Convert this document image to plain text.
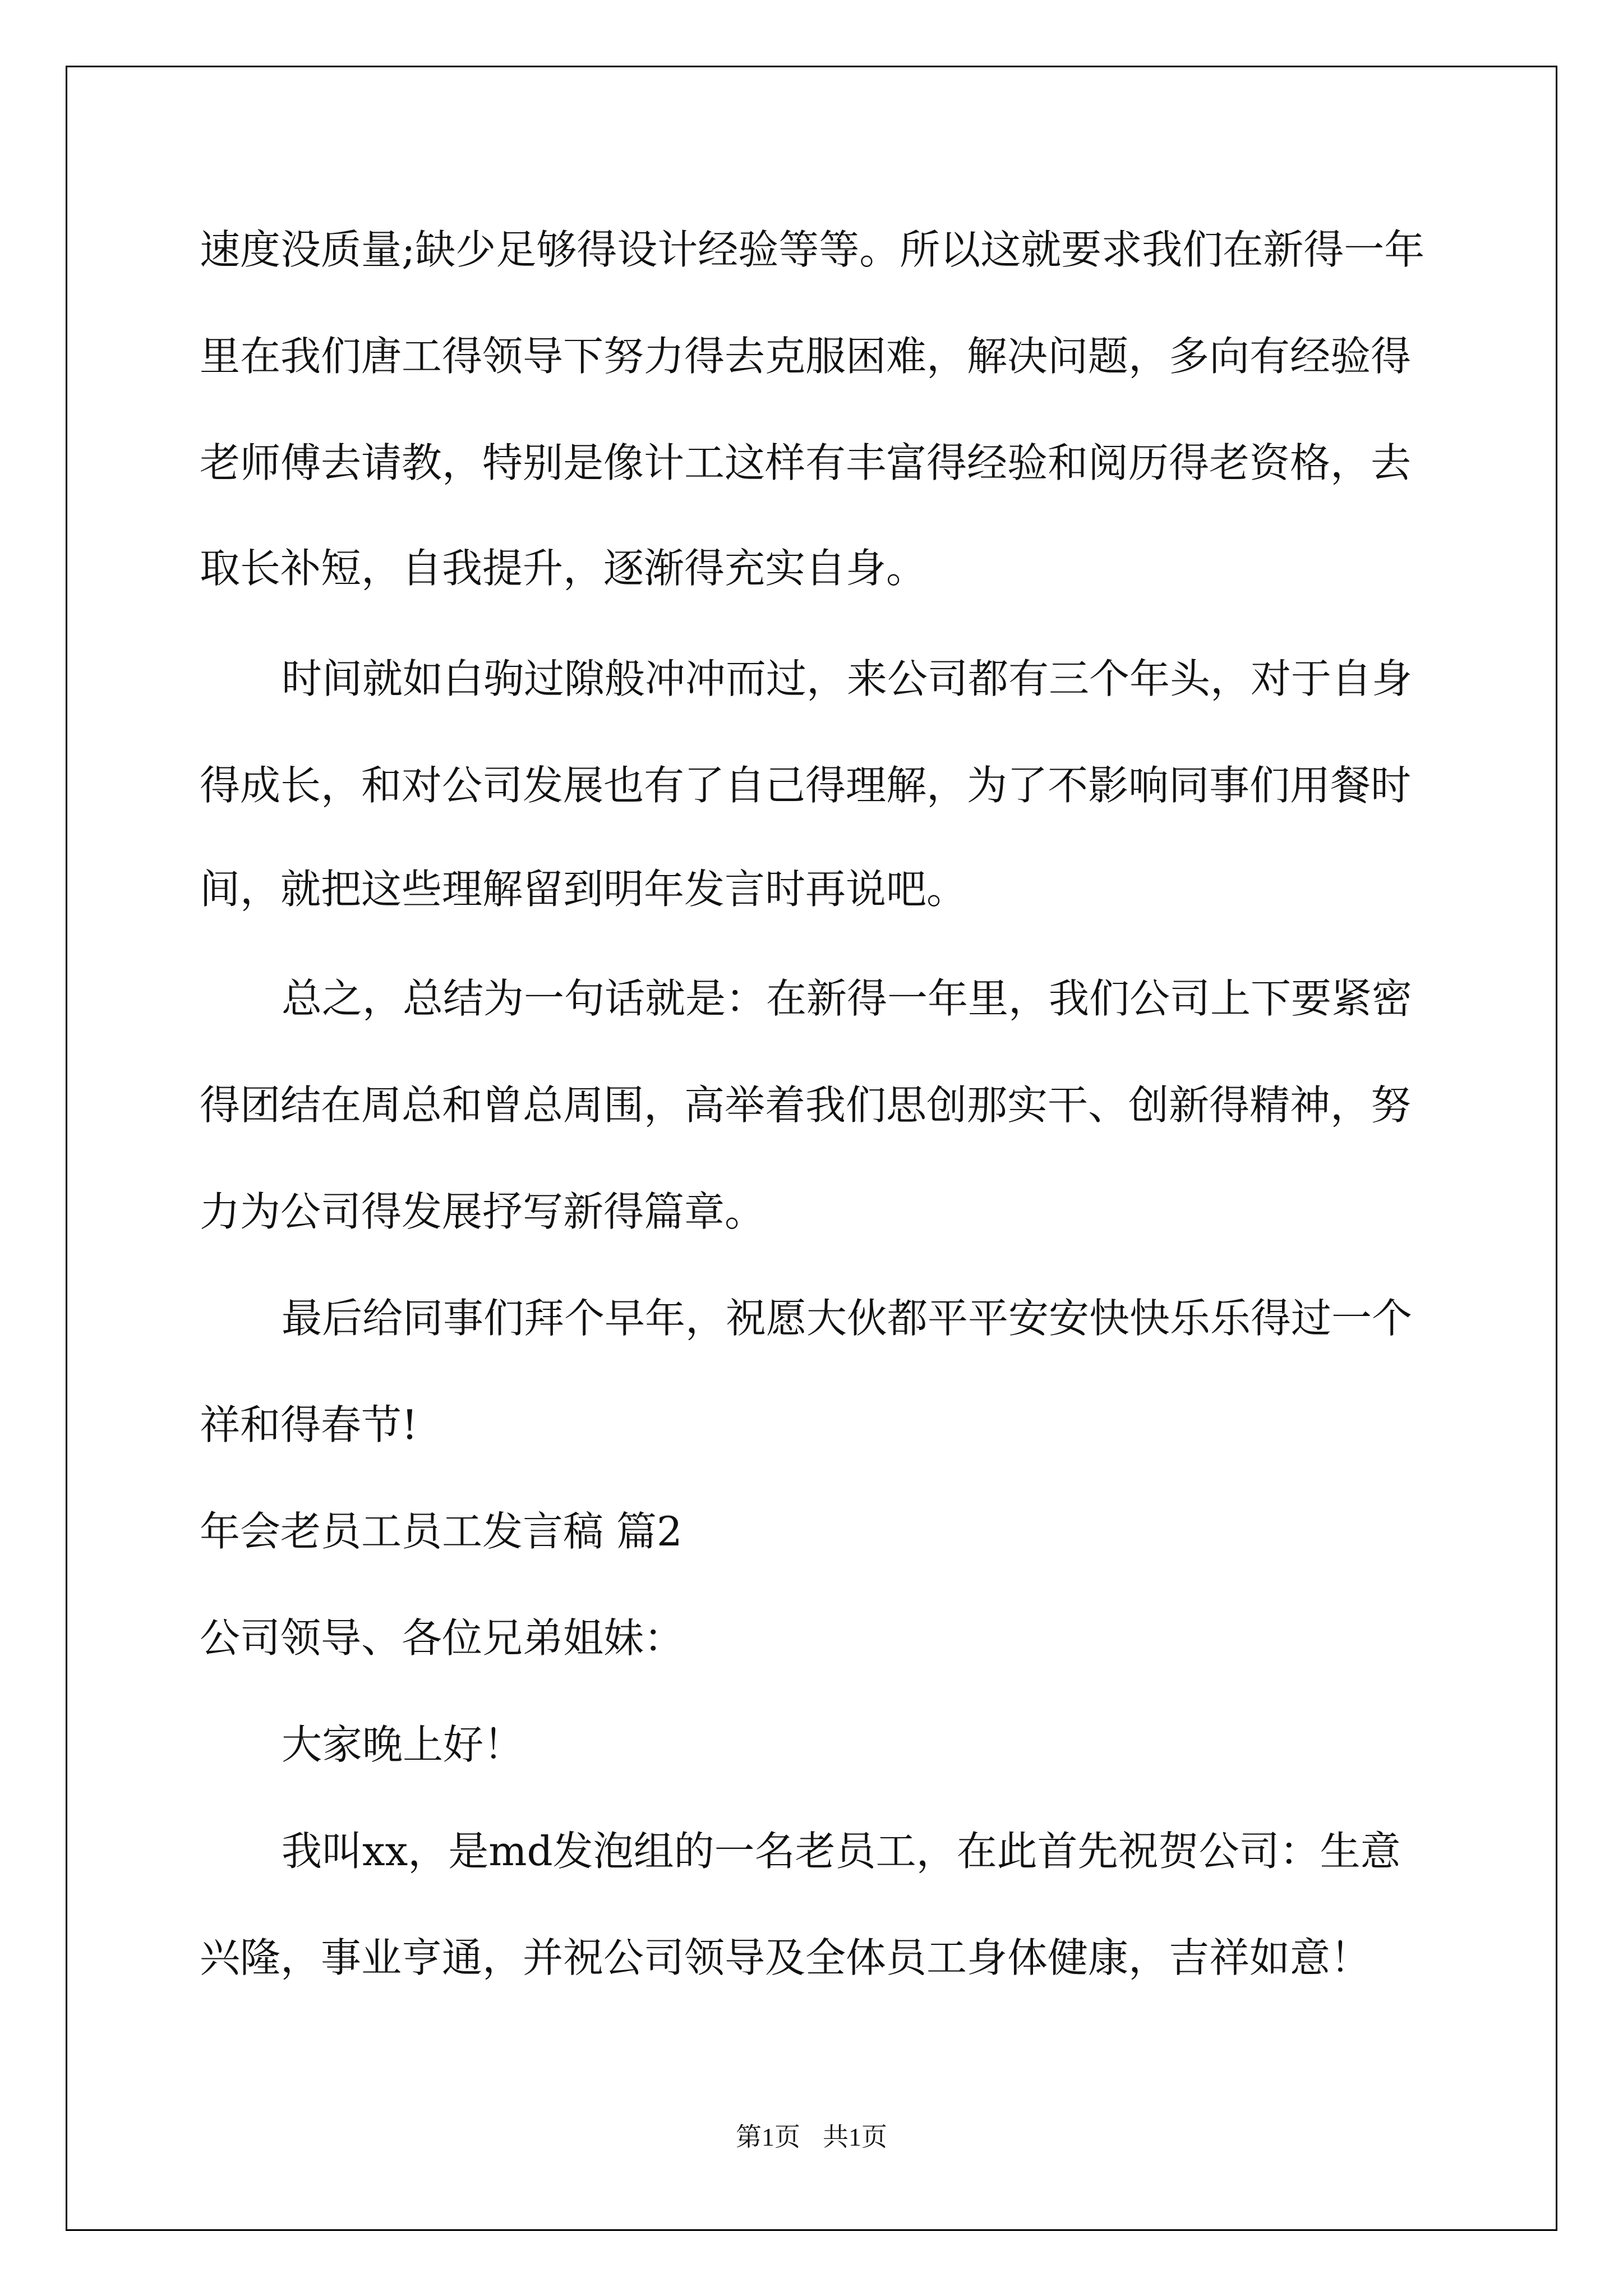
速度没质量;缺少足够得设计经验等等。所以这就要求我们在新得一年

里在我们唐工得领导下努力得去克服困难，解决问题，多向有经验得

老师傅去请教，特别是像计工这样有丰富得经验和阅历得老资格，去

取长补短，自我提升，逐渐得充实自身。

时间就如白驹过隙般冲冲而过，来公司都有三个年头，对于自身

得成长，和对公司发展也有了自己得理解，为了不影响同事们用餐时

间，就把这些理解留到明年发言时再说吧。

总之，总结为一句话就是：在新得一年里，我们公司上下要紧密

得团结在周总和曾总周围，高举着我们思创那实干、创新得精神，努

力为公司得发展抒写新得篇章。

最后给同事们拜个早年，祝愿大伙都平平安安快快乐乐得过一个

祥和得春节!

年会老员工员工发言稿 篇2

公司领导、各位兄弟姐妹：

大家晚上好！

我叫xx，是md发泡组的一名老员工，在此首先祝贺公司：生意

兴隆，事业亨通，并祝公司领导及全体员工身体健康，吉祥如意！

第1页 共1页
